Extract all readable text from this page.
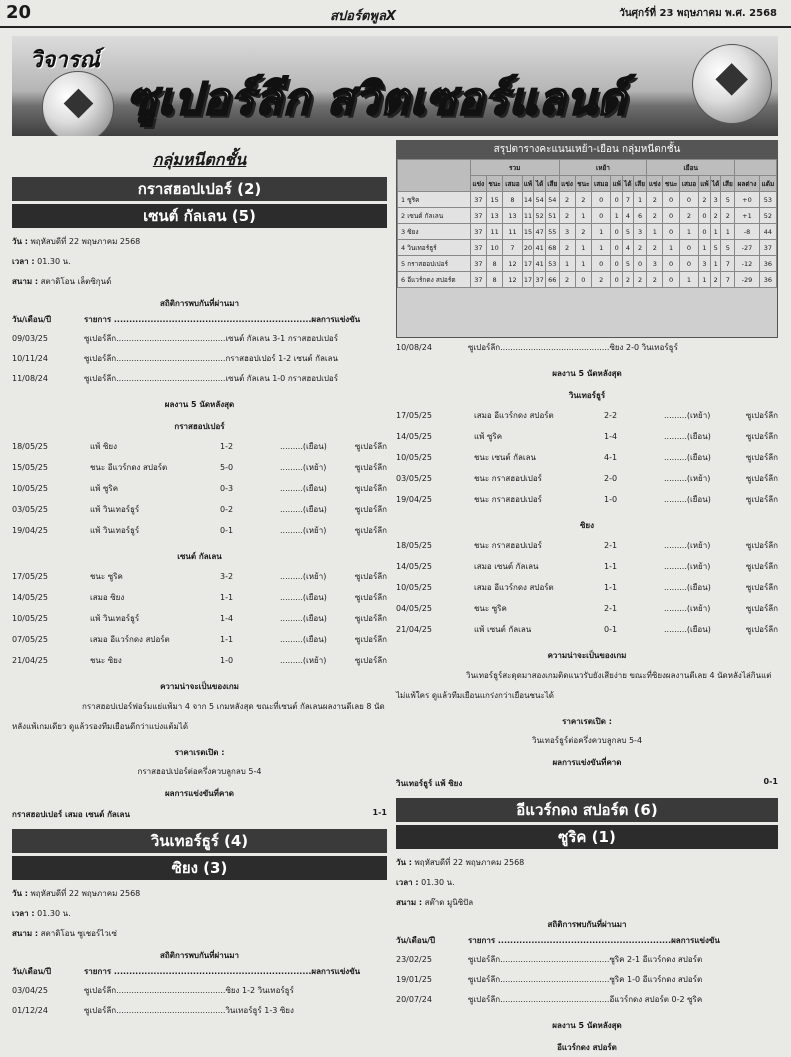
20	สปอร์ตพูลX	วันศุกร์ที่ 23 พฤษภาคม พ.ศ. 2568
วิจารณ์
ซูเปอร์ลีก สวิตเซอร์แลนด์
กลุ่มหนีตกชั้น
กราสฮอปเปอร์ (2)
เซนต์ กัลเลน (5)
วัน : พฤหัสบดีที่ 22 พฤษภาคม 2568
เวลา : 01.30 น.
สนาม : สตาดิโอน เล็ตซิกุนด์
สถิติการพบกันที่ผ่านมา
วัน/เดือน/ปี	รายการ .................................................................ผลการแข่งขัน
09/03/25	ซูเปอร์ลีก...........................................เซนต์ กัลเลน 3-1 กราสฮอปเปอร์
10/11/24	ซูเปอร์ลีก...........................................กราสฮอปเปอร์ 1-2 เซนต์ กัลเลน
11/08/24	ซูเปอร์ลีก...........................................เซนต์ กัลเลน 1-0 กราสฮอปเปอร์
ผลงาน 5 นัดหลังสุด
กราสฮอปเปอร์
18/05/25	แพ้ ซิยง	1-2	.........(เยือน)	ซูเปอร์ลีก
15/05/25	ชนะ อีแวร์กดง สปอร์ต	5-0	.........(เหย้า)	ซูเปอร์ลีก
10/05/25	แพ้ ซูริค	0-3	.........(เยือน)	ซูเปอร์ลีก
03/05/25	แพ้ วินเทอร์ธูร์	0-2	.........(เยือน)	ซูเปอร์ลีก
19/04/25	แพ้ วินเทอร์ธูร์	0-1	.........(เหย้า)	ซูเปอร์ลีก
เซนต์ กัลเลน
17/05/25	ชนะ ซูริค	3-2	.........(เหย้า)	ซูเปอร์ลีก
14/05/25	เสมอ ซิยง	1-1	.........(เยือน)	ซูเปอร์ลีก
10/05/25	แพ้ วินเทอร์ธูร์	1-4	.........(เยือน)	ซูเปอร์ลีก
07/05/25	เสมอ อีแวร์กดง สปอร์ต	1-1	.........(เยือน)	ซูเปอร์ลีก
21/04/25	ชนะ ซิยง	1-0	.........(เหย้า)	ซูเปอร์ลีก
ความน่าจะเป็นของเกม
กราสฮอปเปอร์ฟอร์มแย่แพ้มา 4 จาก 5 เกมหลังสุด ขณะที่เซนต์ กัลเลนผลงานดีเลย 8 นัดหลังแพ้เกมเดียว ดูแล้วรองทีมเยือนดีกว่าแบ่งแต้มได้
ราคาเรตเปิด :
กราสฮอปเปอร์ต่อครึ่งควบลูกลบ 5-4
ผลการแข่งขันที่คาด
กราสฮอปเปอร์ เสมอ เซนต์ กัลเลน	1-1
วินเทอร์ธูร์ (4)
ซิยง (3)
วัน : พฤหัสบดีที่ 22 พฤษภาคม 2568
เวลา : 01.30 น.
สนาม : สตาดิโอน ซูเชอร์ไวเซ่
สถิติการพบกันที่ผ่านมา
วัน/เดือน/ปี	รายการ .................................................................ผลการแข่งขัน
03/04/25	ซูเปอร์ลีก...........................................ซิยง 1-2 วินเทอร์ธูร์
01/12/24	ซูเปอร์ลีก...........................................วินเทอร์ธูร์ 1-3 ซิยง
สรุปตารางคะแนนเหย้า-เยือน กลุ่มหนีตกชั้น
	รวม						เหย้า						เยือน							
	แข่ง	ชนะ	เสมอ	แพ้	ได้	เสีย	แข่ง	ชนะ	เสมอ	แพ้	ได้	เสีย	แข่ง	ชนะ	เสมอ	แพ้	ได้	เสีย	ผลต่าง	แต้ม
1 ซูริค	37	15	8	14	54	54	2	2	0	0	7	1	2	0	0	2	3	5	+0	53
2 เซนต์ กัลเลน	37	13	13	11	52	51	2	1	0	1	4	6	2	0	2	0	2	2	+1	52
3 ซิยง	37	11	11	15	47	55	3	2	1	0	5	3	1	0	1	0	1	1	-8	44
4 วินเทอร์ธูร์	37	10	7	20	41	68	2	1	1	0	4	2	2	1	0	1	5	5	-27	37
5 กราสฮอปเปอร์	37	8	12	17	41	53	1	1	0	0	5	0	3	0	0	3	1	7	-12	36
6 อีแวร์กดง สปอร์ต	37	8	12	17	37	66	2	0	2	0	2	2	2	0	1	1	2	7	-29	36
10/08/24	ซูเปอร์ลีก...........................................ซิยง 2-0 วินเทอร์ธูร์
ผลงาน 5 นัดหลังสุด
วินเทอร์ธูร์
17/05/25	เสมอ อีแวร์กดง สปอร์ต	2-2	.........(เหย้า)	ซูเปอร์ลีก
14/05/25	แพ้ ซูริค	1-4	.........(เยือน)	ซูเปอร์ลีก
10/05/25	ชนะ เซนต์ กัลเลน	4-1	.........(เยือน)	ซูเปอร์ลีก
03/05/25	ชนะ กราสฮอปเปอร์	2-0	.........(เหย้า)	ซูเปอร์ลีก
19/04/25	ชนะ กราสฮอปเปอร์	1-0	.........(เยือน)	ซูเปอร์ลีก
ซิยง
18/05/25	ชนะ กราสฮอปเปอร์	2-1	.........(เหย้า)	ซูเปอร์ลีก
14/05/25	เสมอ เซนต์ กัลเลน	1-1	.........(เหย้า)	ซูเปอร์ลีก
10/05/25	เสมอ อีแวร์กดง สปอร์ต	1-1	.........(เยือน)	ซูเปอร์ลีก
04/05/25	ชนะ ซูริค	2-1	.........(เหย้า)	ซูเปอร์ลีก
21/04/25	แพ้ เซนต์ กัลเลน	0-1	.........(เยือน)	ซูเปอร์ลีก
ความน่าจะเป็นของเกม
วินเทอร์ธูร์สะดุดมาสองเกมติดแนวรับยังเสียง่าย ขณะที่ซิยงผลงานดีเลย 4 นัดหลังไล่กินแต่ไม่แพ้ใคร ดูแล้วทีมเยือนแกร่งกว่าเยือนชนะได้
ราคาเรตเปิด :
วินเทอร์ธูร์ต่อครึ่งควบลูกลบ 5-4
ผลการแข่งขันที่คาด
วินเทอร์ธูร์ แพ้ ซิยง	0-1
อีแวร์กดง สปอร์ต (6)
ซูริค (1)
วัน : พฤหัสบดีที่ 22 พฤษภาคม 2568
เวลา : 01.30 น.
สนาม : สต๊าด มูนิซิปัล
สถิติการพบกันที่ผ่านมา
วัน/เดือน/ปี	รายการ .........................................................ผลการแข่งขัน
23/02/25	ซูเปอร์ลีก...........................................ซูริค 2-1 อีแวร์กดง สปอร์ต
19/01/25	ซูเปอร์ลีก...........................................ซูริค 1-0 อีแวร์กดง สปอร์ต
20/07/24	ซูเปอร์ลีก...........................................อีแวร์กดง สปอร์ต 0-2 ซูริค
ผลงาน 5 นัดหลังสุด
อีแวร์กดง สปอร์ต
